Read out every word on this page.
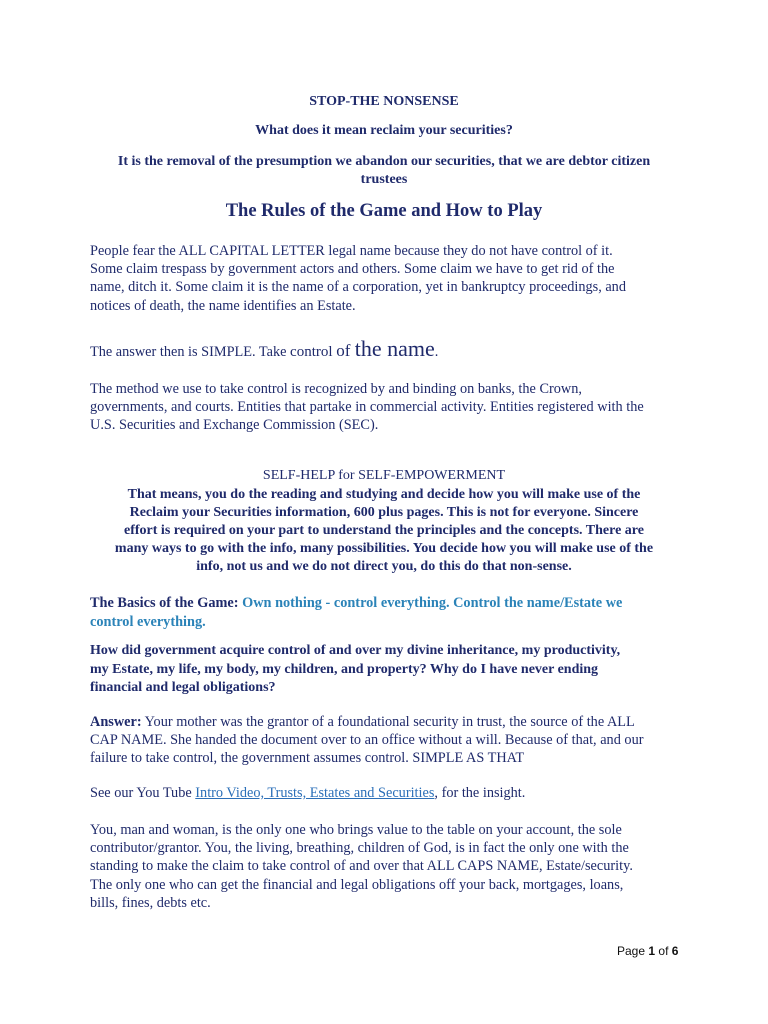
STOP-THE NONSENSE
What does it mean reclaim your securities?
It is the removal of the presumption we abandon our securities, that we are debtor citizen
trustees
The Rules of the Game and How to Play
People fear the ALL CAPITAL LETTER legal name because they do not have control of it.
Some claim trespass by government actors and others. Some claim we have to get rid of the
name, ditch it. Some claim it is the name of a corporation, yet in bankruptcy proceedings, and
notices of death, the name identifies an Estate.
The answer then is SIMPLE. Take control of the name.
The method we use to take control is recognized by and binding on banks, the Crown,
governments, and courts. Entities that partake in commercial activity. Entities registered with the
U.S. Securities and Exchange Commission (SEC).
SELF-HELP for SELF-EMPOWERMENT
That means, you do the reading and studying and decide how you will make use of the
Reclaim your Securities information, 600 plus pages. This is not for everyone. Sincere
effort is required on your part to understand the principles and the concepts. There are
many ways to go with the info, many possibilities. You decide how you will make use of the
info, not us and we do not direct you, do this do that non-sense.
The Basics of the Game: Own nothing - control everything. Control the name/Estate we
control everything.
How did government acquire control of and over my divine inheritance, my productivity,
my Estate, my life, my body, my children, and property? Why do I have never ending
financial and legal obligations?
Answer: Your mother was the grantor of a foundational security in trust, the source of the ALL
CAP NAME. She handed the document over to an office without a will. Because of that, and our
failure to take control, the government assumes control. SIMPLE AS THAT
See our You Tube Intro Video, Trusts, Estates and Securities, for the insight.
You, man and woman, is the only one who brings value to the table on your account, the sole
contributor/grantor. You, the living, breathing, children of God, is in fact the only one with the
standing to make the claim to take control of and over that ALL CAPS NAME, Estate/security.
The only one who can get the financial and legal obligations off your back, mortgages, loans,
bills, fines, debts etc.
Page 1 of 6
